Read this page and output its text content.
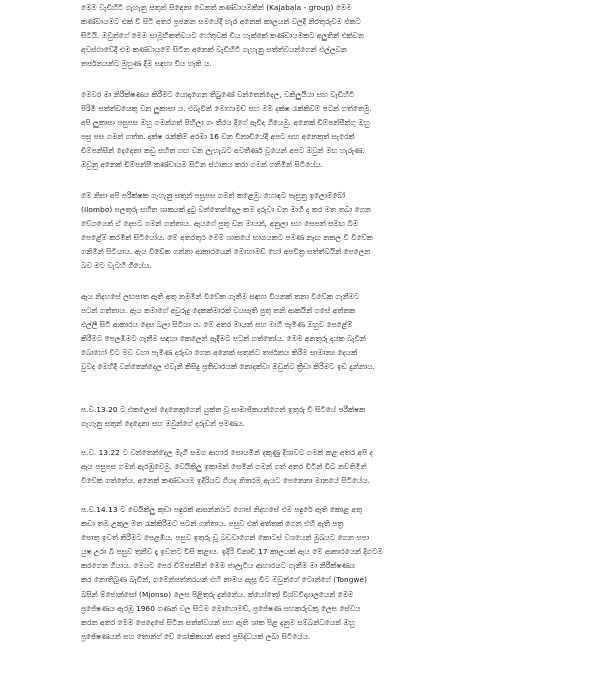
මෙම වැඩිහිටි ගැහැනු සතුන් සිඳෙනා වෙනත් කණ්ඩායමකින් (Kajabala - group) මෙම
කණ්ඩායමට එක් වී සිටි අතර ප්‍රජනන සමයේදී හැර අනෙක් කාලයන් වලදී නිරතුරුවම එකට
සිටියි. ඔවුන්ගේ මෙම සාමූහිකත්වයට හේතුවක් විය හැක්කේ කණ්ඩායමකට අලුතින් එක්වන
අවස්ථාවේදී එම කණ්ඩායමේ සිටින අනෙක් වැඩිහිටි ගැහැනු සත්ත්වයන්ගෙන් එල්ලවන
තර්ජනයන්ට මුහුණ දීම සඳහා විය හැකි ය.
මෙවර මා නිරීක්ෂණය කිරීමට යොදාගෙන තිබුණේ වන්තෙන්දෙල, වකිලුයියා සහ වැඩිහිටි
පිරිමි සත්ත්වයෙකු වන ලුකාසා ය. එබැවින් මොහාමඩ් සහ මම දක්ෂ රැක්කිවම් පටන් ගත්තෙමු.
අපි ලුකාසා පසුපස ඔහු ගමන්ගත් පිහිලා ගං තීරය දිගේ ඇවිද ගියෙමු. අනෙක් චිම්පන්සීන්ගු ඔහු
පසු පස ගමන් ගත්ත. දක්ෂ රැක්කිම් අරඹා 16 වන විනාඩියේදී අපට සහ අනෙකුත් සැරෙක්
චිම්පන්සීන් දෙදෙනා කඩු සහිත ගඟ වන ලැහැබට අවතීර්ණ වූයෙන් අපට ඔවුන් මඟ හැරුණ.
ඔවුනු අනෙක් චිම්පන්සී කණ්ඩායම සිටින ස්ථානය කරා ගමන් ගනිමින් සිටියේය.
මේ නිසා අපි පරීක්ෂක ගැහැනු සතුන් පසුපස ගමන් කළෙමු. හොඳට පැසුනු ඉලොම්බෝ
(Ilombo) පලතුරු සහිත ශාකයක් දුටු වන්තෙන්දෙල කම දරුවා වන මාගී ද කර මත තබා ගෙන
වේගයෙන් ඒ දෙසට ගමන් ගත්තාය. ඇයගේ පුතු වන මායන්, අනුලා සහ සෙපත් සමඟ බිම
පෙළේම් කරමින් සිටියෝය. මේ අතරතුර මෙම ශාකයේ භාගයකට පමණ නැඟ නකල වී විවේක
ගනිමින් සිටියාය. ඇය විවේක ගන්නා ආකාරයෙන් මොහාමඩ් හෝ අපවිත්‍ර සත්ත්වයින් පෙලෙන
බව මට වැටහී ගියේය.
ඇය නිදහසේ ලඟපාත ඇති අතු නමමින් විවේක ගැනීම සඳහා වියනක් තනා විවේක ගැනීමට
පටන් ගත්තාය. ඇය කමාගේ අවුරුදු දෙකක්මාරක් වයසැති පුතු තනි ආකයින් ගසේ අත්තක
එල්ලී සිටි ආකාරය දෙස බලා සිටියා ය. මේ අතර මායන් සහ මාගී පැමිණ ඔහුට පෙළේම්
කිරීමට පෙලඹීමට ගැනීම සඳහා කෙලෙන් ඇදීමට පටන් ගත්තෝය. මෙම අනතුරු දායක බැවින්
බොහෝ විට මව වහා පැමිණ දරුවා ගෙන අනෙක් සතුන්ට තර්ජනය කිරීම සාමාන්‍ය දෙයක්
වුවද මෙහිදී වන්තෙන්දෙල එවැනි කිසිදු ප්‍රතිචාරයක් නොදක්වා ඔවුන්ට ක්‍රීඩා කිරීමට ඉඩ දුන්නාය.
ප.ව.13.20 ට එකලොස් දෙනෙකුගෙන් යුක්ත වූ සාමාජිකයන්ගෙන් ඉතුරු වී සිටියේ පරීක්ෂක
ගැහැනු සතුන් දෙදෙනා සහ ඔවුන්ගේ දරුවන් පමණය.
ප.ව. 13.22 ට වන්තෙන්දෙල මැගී සමග ආහාර සොයමින් දකුණු දිශාවට ගමන් කළ අතර අපි ද
ඇය පසුපස ගමන් ඇරඹුවෙමු. වෙයිකිලු ඉකාමන් සෙමින් ගමන් ගත් අතර විටින් විට නවතිමින්
විවේක ගත්තේය. අනෙක් කණ්ඩායම ඉදිරියට ගියද නිතරම ඇයට පෙනෙනා මානයේ සිටියේය.
ප.ව.14.13 ට වෙයිකිලු කුඩා පඳුරක් ආසන්නයට ගොස් නිදහසේ එම පඳුරේ ඇති කොළ අතු
කඩා තම උකුල මත රැක්කිරීමට පටන් ගත්තාය. පසුව එක් අත්තක් ගෙන එහි ඇති පත්‍ර
පොතු ඉවත් කිරීමට පෙළඹිය. පසුව ඉතුරු වූ බඩවාගෙන් කොටස් වශයෙන් මුඛයට ගෙන සපා
යුෂ උරා බී පසුව තුනීව දෑ ඉවතට විසි කළාය. ඉදිරි විනාඩි 17 කාලයක් ඇය මේ ආකාරයෙන් දිගටම
කරගෙන ගියාය. මෙයට පෙර චිම්පන්සීන් මෙම ජාලැටිය ආහාරයට ගැනීම මා නිරීක්ෂණය
කර නොතිබුණ බැවින්, ගමෙන්පත්තරයන් එහි නාමය ඇසූ විට ඔවුන්ගේ ටොන්ගේ (Tongwe)
බසින් ම්ජොන්සෝ (Mjonso) ලෙස පිළිතුරු දුන්නේය. ක්යෝතෝ විශ්වවිද්‍යාලයෙන් මෙම
ප්‍රජේෂණය ඇරඹූ 1960 ගණන් වල සිටම මොහොමඩ්, ප්‍රජේෂණ සහකරුවකු ලෙස සේවය
කරන අතර මෙම පෙදෙසේ සිටින සත්ත්වයන් සහ ඇති ශාක පිළ දනුම සම්බන්ධයෙන් ඔහු
ප්‍රජේෂණයන් සහ තොන්ග් වේ ශෝකිකයන් අතර ප්‍රසිද්ධයක් ලබා සිටියේය.
